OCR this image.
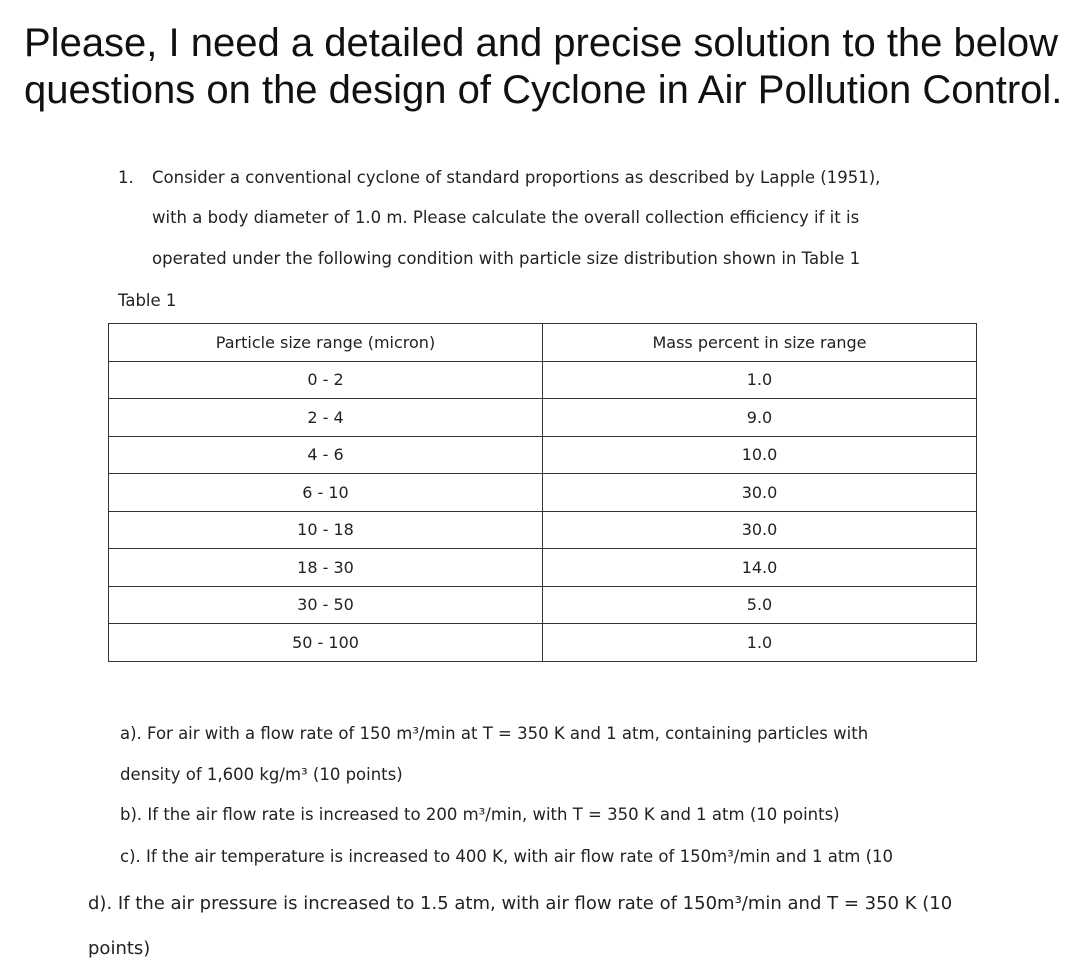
Please, I need a detailed and precise solution to the below questions on the design of Cyclone in Air Pollution Control.

1. Consider a conventional cyclone of standard proportions as described by Lapple (1951),

with a body diameter of 1.0 m. Please calculate the overall collection efficiency if it is

operated under the following condition with particle size distribution shown in Table 1

Table 1

Particle size range (micron)	Mass percent in size range
0 - 2	1.0
2 - 4	9.0
4 - 6	10.0
6 - 10	30.0
10 - 18	30.0
18 - 30	14.0
30 - 50	5.0
50 - 100	1.0

a). For air with a flow rate of 150 m³/min at T = 350 K and 1 atm, containing particles with

density of 1,600 kg/m³ (10 points)

b). If the air flow rate is increased to 200 m³/min, with T = 350 K and 1 atm (10 points)

c). If the air temperature is increased to 400 K, with air flow rate of 150m³/min and 1 atm (10

d). If the air pressure is increased to 1.5 atm, with air flow rate of 150m³/min and T = 350 K (10

points)
